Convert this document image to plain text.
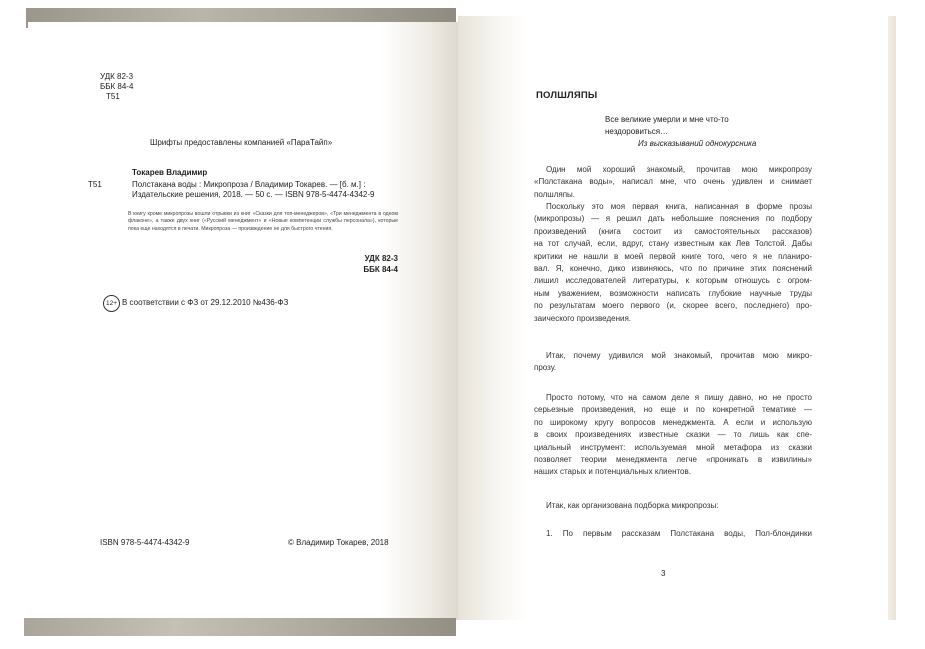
УДК 82-3
ББК 84-4
Т51
Шрифты предоставлены компанией «ПараТайп»
Токарев Владимир
Т51	Полстакана воды : Микропроза / Владимир Токарев. — [б. м.] :
Издательские решения, 2018. — 50 с. — ISBN 978-5-4474-4342-9
В книгу кроме микропрозы вошли отрывки из книг «Сказки для топ-менеджеров», «Три менеджмента в одном флаконе», а также двух книг («Русский менеджмент» и «Новые компетенции службы персонала»), которые пока еще находятся в печати. Микропроза — произведение не для быстрого чтения.
УДК 82-3
ББК 84-4
12+ В соответствии с ФЗ от 29.12.2010 №436-ФЗ
ISBN 978-5-4474-4342-9	© Владимир Токарев, 2018
ПОЛШЛЯПЫ
Все великие умерли и мне что-то
нездоровиться…
Из высказываний однокурсника
Один мой хороший знакомый, прочитав мою микропрозу
«Полстакана воды», написал мне, что очень удивлен и снимает
полшляпы.
Поскольку это моя первая книга, написанная в форме прозы
(микропрозы) — я решил дать небольшие пояснения по подбору
произведений (книга состоит из самостоятельных рассказов)
на тот случай, если, вдруг, стану известным как Лев Толстой. Дабы
критики не нашли в моей первой книге того, чего я не планиро-
вал. Я, конечно, дико извиняюсь, что по причине этих пояснений
лишил исследователей литературы, к которым отношусь с огром-
ным уважением, возможности написать глубокие научные труды
по результатам моего первого (и, скорее всего, последнего) про-
заического произведения.
Итак, почему удивился мой знакомый, прочитав мою микро-
прозу.
Просто потому, что на самом деле я пишу давно, но не просто
серьезные произведения, но еще и по конкретной тематике —
по широкому кругу вопросов менеджмента. А если и использую
в своих произведениях известные сказки — то лишь как спе-
циальный инструмент: используемая мной метафора из сказки
позволяет теории менеджмента легче «проникать в извилины»
наших старых и потенциальных клиентов.
Итак, как организована подборка микропрозы:
1. По первым рассказам Полстакана воды, Пол-блондинки
3
